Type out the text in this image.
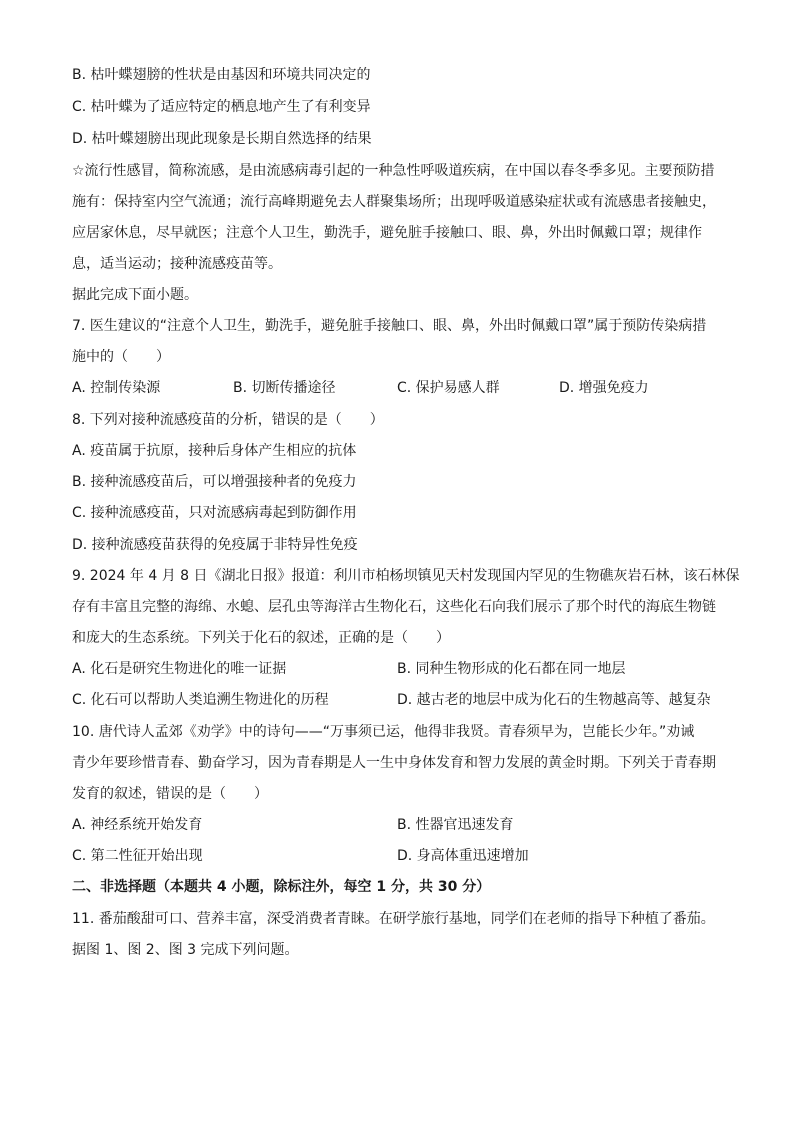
B. 枯叶蝶翅膀的性状是由基因和环境共同决定的
C. 枯叶蝶为了适应特定的栖息地产生了有利变异
D. 枯叶蝶翅膀出现此现象是长期自然选择的结果
☆流行性感冒，简称流感，是由流感病毒引起的一种急性呼吸道疾病，在中国以春冬季多见。主要预防措
施有：保持室内空气流通；流行高峰期避免去人群聚集场所；出现呼吸道感染症状或有流感患者接触史，
应居家休息，尽早就医；注意个人卫生，勤洗手，避免脏手接触口、眼、鼻，外出时佩戴口罩；规律作
息，适当运动；接种流感疫苗等。
据此完成下面小题。
7. 医生建议的“注意个人卫生，勤洗手，避免脏手接触口、眼、鼻，外出时佩戴口罩”属于预防传染病措
施中的（　　）
A. 控制传染源	B. 切断传播途径	C. 保护易感人群	D. 增强免疫力
8. 下列对接种流感疫苗的分析，错误的是（　　）
A. 疫苗属于抗原，接种后身体产生相应的抗体
B. 接种流感疫苗后，可以增强接种者的免疫力
C. 接种流感疫苗，只对流感病毒起到防御作用
D. 接种流感疫苗获得的免疫属于非特异性免疫
9. 2024 年 4 月 8 日《湖北日报》报道：利川市柏杨坝镇见天村发现国内罕见的生物礁灰岩石林，该石林保
存有丰富且完整的海绵、水螅、层孔虫等海洋古生物化石，这些化石向我们展示了那个时代的海底生物链
和庞大的生态系统。下列关于化石的叙述，正确的是（　　）
A. 化石是研究生物进化的唯一证据	B. 同种生物形成的化石都在同一地层
C. 化石可以帮助人类追溯生物进化的历程	D. 越古老的地层中成为化石的生物越高等、越复杂
10. 唐代诗人孟郊《劝学》中的诗句——“万事须已运，他得非我贤。青春须早为，岂能长少年。”劝诫
青少年要珍惜青春、勤奋学习，因为青春期是人一生中身体发育和智力发展的黄金时期。下列关于青春期
发育的叙述，错误的是（　　）
A. 神经系统开始发育	B. 性器官迅速发育
C. 第二性征开始出现	D. 身高体重迅速增加
二、非选择题（本题共 4 小题，除标注外，每空 1 分，共 30 分）
11. 番茄酸甜可口、营养丰富，深受消费者青睐。在研学旅行基地，同学们在老师的指导下种植了番茄。
据图 1、图 2、图 3 完成下列问题。
